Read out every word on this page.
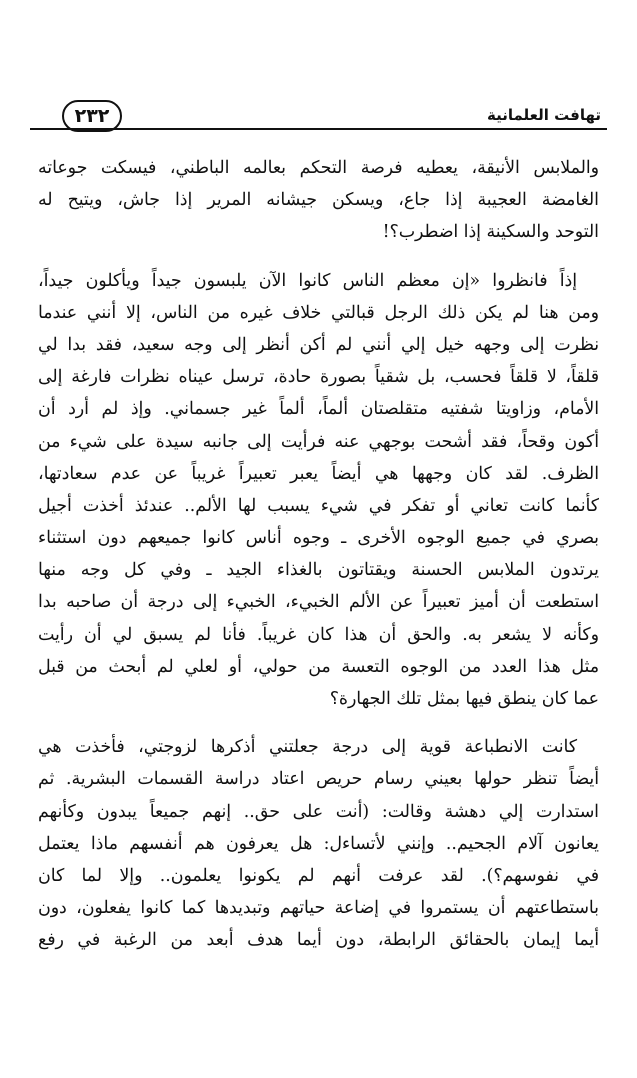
٢٣٢	تهافت العلمانية

والملابس الأنيقة، يعطيه فرصة التحكم بعالمه الباطني، فيسكت جوعاته
الغامضة العجيبة إذا جاع، ويسكن جيشانه المرير إذا جاش، ويتيح له
التوحد والسكينة إذا اضطرب؟!

إذاً فانظروا «إن معظم الناس كانوا الآن يلبسون جيداً ويأكلون جيداً،
ومن هنا لم يكن ذلك الرجل قبالتي خلاف غيره من الناس، إلا أنني عندما
نظرت إلى وجهه خيل إلي أنني لم أكن أنظر إلى وجه سعيد، فقد بدا لي
قلقاً، لا قلقاً فحسب، بل شقياً بصورة حادة، ترسل عيناه نظرات فارغة إلى
الأمام، وزاويتا شفتيه متقلصتان ألماً، ألماً غير جسماني. وإذ لم أرد أن
أكون وقحاً، فقد أشحت بوجهي عنه فرأيت إلى جانبه سيدة على شيء من
الظرف. لقد كان وجهها هي أيضاً يعبر تعبيراً غريباً عن عدم سعادتها،
كأنما كانت تعاني أو تفكر في شيء يسبب لها الألم.. عندئذ أخذت أجيل
بصري في جميع الوجوه الأخرى ـ وجوه أناس كانوا جميعهم دون استثناء
يرتدون الملابس الحسنة ويقتاتون بالغذاء الجيد ـ وفي كل وجه منها
استطعت أن أميز تعبيراً عن الألم الخبيء، الخبيء إلى درجة أن صاحبه بدا
وكأنه لا يشعر به. والحق أن هذا كان غريباً. فأنا لم يسبق لي أن رأيت
مثل هذا العدد من الوجوه التعسة من حولي، أو لعلي لم أبحث من قبل
عما كان ينطق فيها بمثل تلك الجهارة؟

كانت الانطباعة قوية إلى درجة جعلتني أذكرها لزوجتي، فأخذت هي
أيضاً تنظر حولها بعيني رسام حريص اعتاد دراسة القسمات البشرية. ثم
استدارت إلي دهشة وقالت: (أنت على حق.. إنهم جميعاً يبدون وكأنهم
يعانون آلام الجحيم.. وإنني لأتساءل: هل يعرفون هم أنفسهم ماذا يعتمل
في نفوسهم؟). لقد عرفت أنهم لم يكونوا يعلمون.. وإلا لما كان
باستطاعتهم أن يستمروا في إضاعة حياتهم وتبديدها كما كانوا يفعلون، دون
أيما إيمان بالحقائق الرابطة، دون أيما هدف أبعد من الرغبة في رفع
